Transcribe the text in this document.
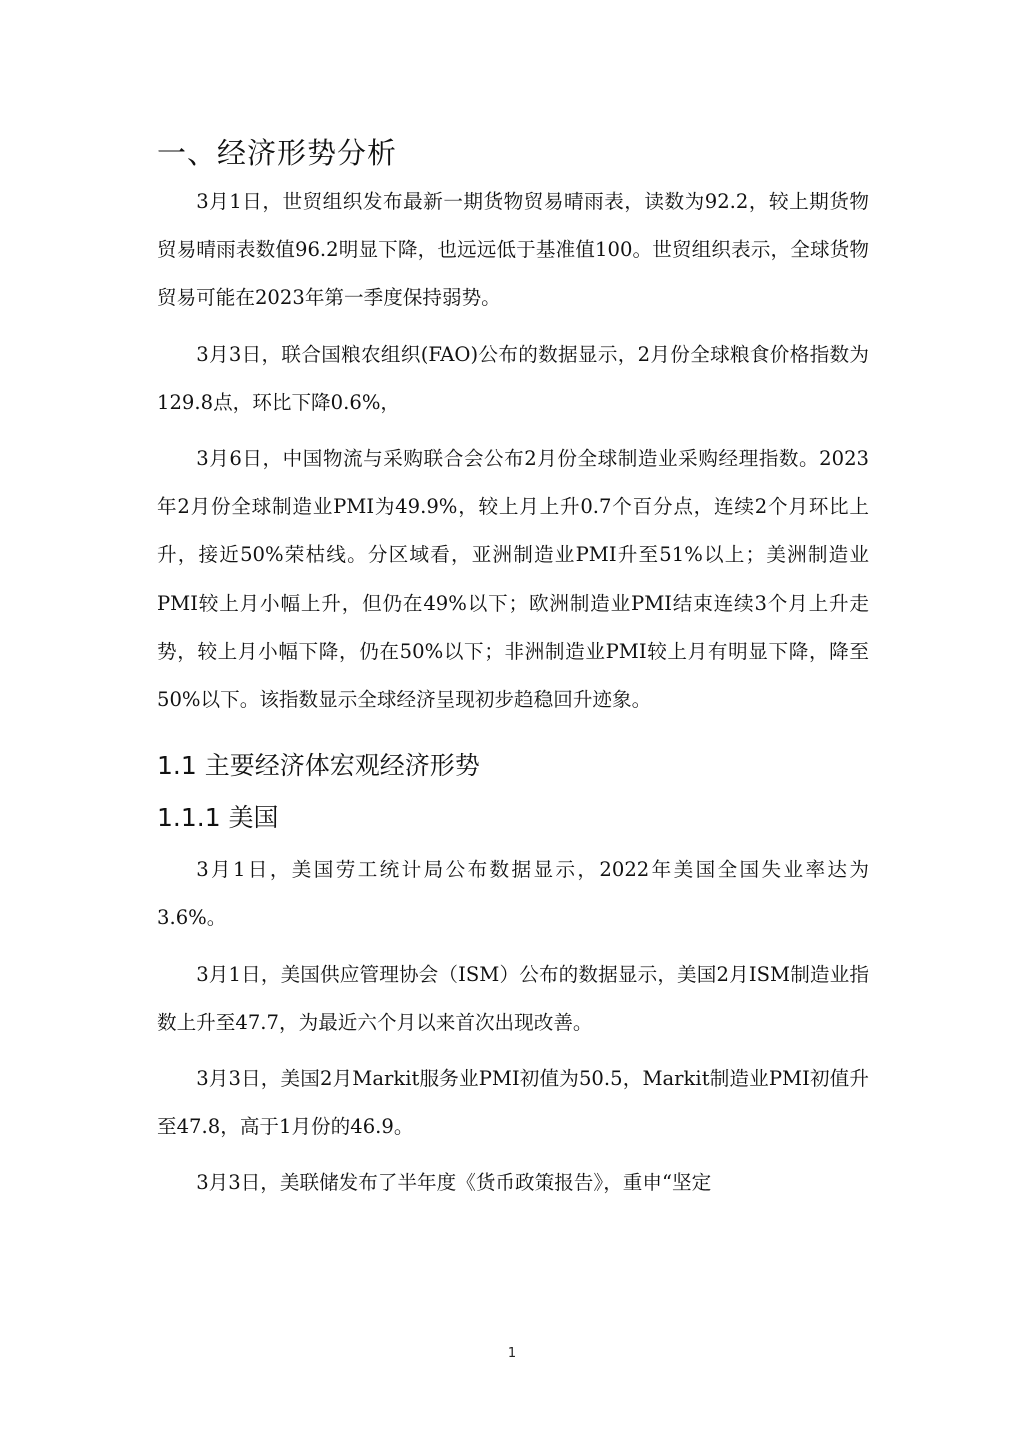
一、经济形势分析

3月1日，世贸组织发布最新一期货物贸易晴雨表，读数为92.2，较上期货物贸易晴雨表数值96.2明显下降，也远远低于基准值100。世贸组织表示，全球货物贸易可能在2023年第一季度保持弱势。

3月3日，联合国粮农组织(FAO)公布的数据显示，2月份全球粮食价格指数为129.8点，环比下降0.6%，

3月6日，中国物流与采购联合会公布2月份全球制造业采购经理指数。2023年2月份全球制造业PMI为49.9%，较上月上升0.7个百分点，连续2个月环比上升，接近50%荣枯线。分区域看，亚洲制造业PMI升至51%以上；美洲制造业PMI较上月小幅上升，但仍在49%以下；欧洲制造业PMI结束连续3个月上升走势，较上月小幅下降，仍在50%以下；非洲制造业PMI较上月有明显下降，降至50%以下。该指数显示全球经济呈现初步趋稳回升迹象。

1.1 主要经济体宏观经济形势
1.1.1 美国

3月1日，美国劳工统计局公布数据显示，2022年美国全国失业率达为3.6%。

3月1日，美国供应管理协会（ISM）公布的数据显示，美国2月ISM制造业指数上升至47.7，为最近六个月以来首次出现改善。

3月3日，美国2月Markit服务业PMI初值为50.5，Markit制造业PMI初值升至47.8，高于1月份的46.9。

3月3日，美联储发布了半年度《货币政策报告》，重申“坚定

1
